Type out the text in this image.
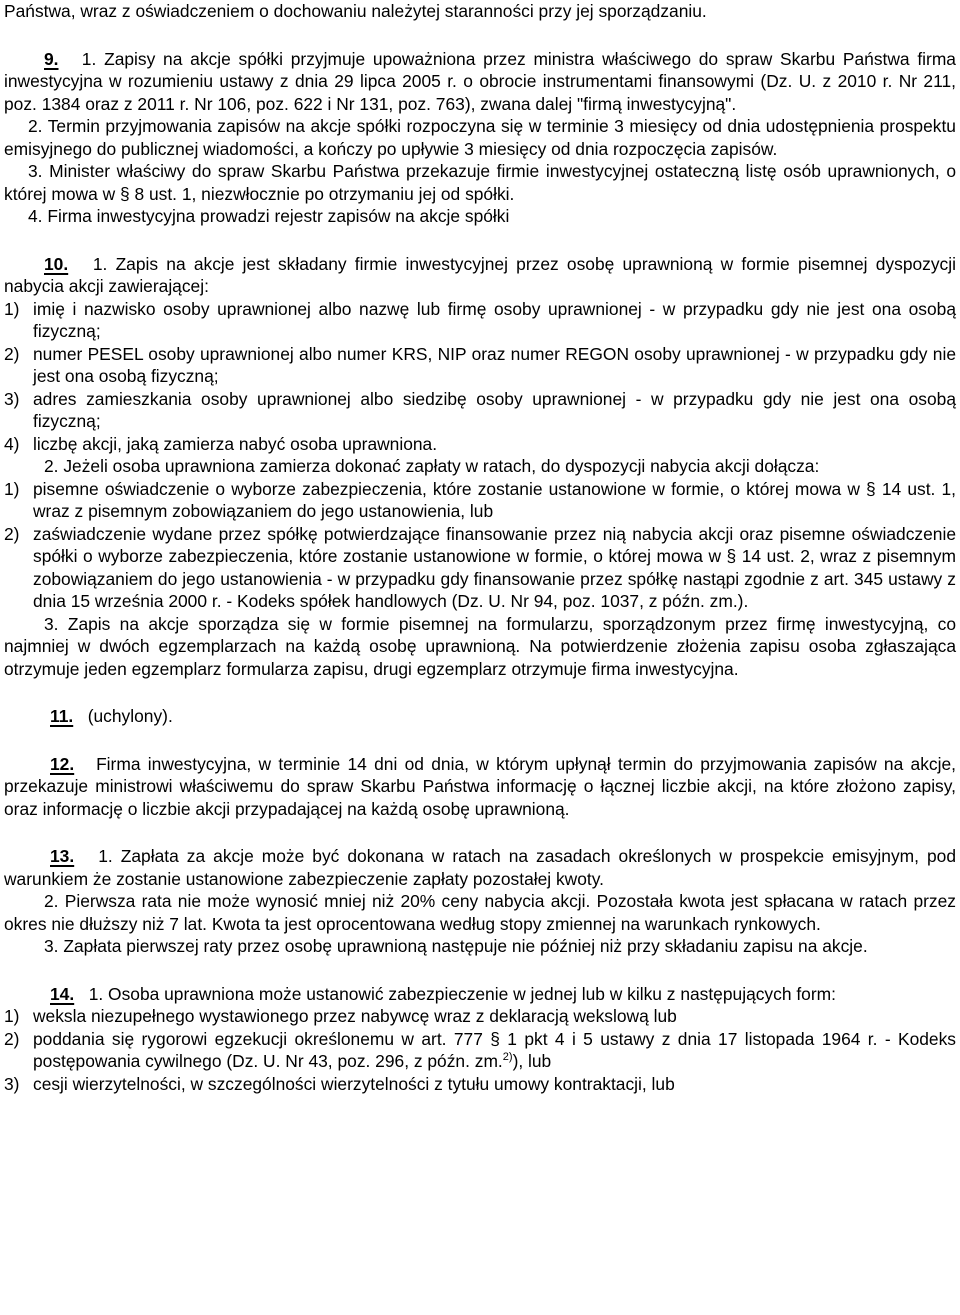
Państwa, wraz z oświadczeniem o dochowaniu należytej staranności przy jej sporządzaniu.

9. 1. Zapisy na akcje spółki przyjmuje upoważniona przez ministra właściwego do spraw Skarbu Państwa firma inwestycyjna w rozumieniu ustawy z dnia 29 lipca 2005 r. o obrocie instrumentami finansowymi (Dz. U. z 2010 r. Nr 211, poz. 1384 oraz z 2011 r. Nr 106, poz. 622 i Nr 131, poz. 763), zwana dalej "firmą inwestycyjną".

2. Termin przyjmowania zapisów na akcje spółki rozpoczyna się w terminie 3 miesięcy od dnia udostępnienia prospektu emisyjnego do publicznej wiadomości, a kończy po upływie 3 miesięcy od dnia rozpoczęcia zapisów.

3. Minister właściwy do spraw Skarbu Państwa przekazuje firmie inwestycyjnej ostateczną listę osób uprawnionych, o której mowa w § 8 ust. 1, niezwłocznie po otrzymaniu jej od spółki.

4. Firma inwestycyjna prowadzi rejestr zapisów na akcje spółki

10. 1. Zapis na akcje jest składany firmie inwestycyjnej przez osobę uprawnioną w formie pisemnej dyspozycji nabycia akcji zawierającej:

1) imię i nazwisko osoby uprawnionej albo nazwę lub firmę osoby uprawnionej - w przypadku gdy nie jest ona osobą fizyczną;
2) numer PESEL osoby uprawnionej albo numer KRS, NIP oraz numer REGON osoby uprawnionej - w przypadku gdy nie jest ona osobą fizyczną;
3) adres zamieszkania osoby uprawnionej albo siedzibę osoby uprawnionej - w przypadku gdy nie jest ona osobą fizyczną;
4) liczbę akcji, jaką zamierza nabyć osoba uprawniona.

2. Jeżeli osoba uprawniona zamierza dokonać zapłaty w ratach, do dyspozycji nabycia akcji dołącza:

1) pisemne oświadczenie o wyborze zabezpieczenia, które zostanie ustanowione w formie, o której mowa w § 14 ust. 1, wraz z pisemnym zobowiązaniem do jego ustanowienia, lub
2) zaświadczenie wydane przez spółkę potwierdzające finansowanie przez nią nabycia akcji oraz pisemne oświadczenie spółki o wyborze zabezpieczenia, które zostanie ustanowione w formie, o której mowa w § 14 ust. 2, wraz z pisemnym zobowiązaniem do jego ustanowienia - w przypadku gdy finansowanie przez spółkę nastąpi zgodnie z art. 345 ustawy z dnia 15 września 2000 r. - Kodeks spółek handlowych (Dz. U. Nr 94, poz. 1037, z późn. zm.).

3. Zapis na akcje sporządza się w formie pisemnej na formularzu, sporządzonym przez firmę inwestycyjną, co najmniej w dwóch egzemplarzach na każdą osobę uprawnioną. Na potwierdzenie złożenia zapisu osoba zgłaszająca otrzymuje jeden egzemplarz formularza zapisu, drugi egzemplarz otrzymuje firma inwestycyjna.

11. (uchylony).

12. Firma inwestycyjna, w terminie 14 dni od dnia, w którym upłynął termin do przyjmowania zapisów na akcje, przekazuje ministrowi właściwemu do spraw Skarbu Państwa informację o łącznej liczbie akcji, na które złożono zapisy, oraz informację o liczbie akcji przypadającej na każdą osobę uprawnioną.

13. 1. Zapłata za akcje może być dokonana w ratach na zasadach określonych w prospekcie emisyjnym, pod warunkiem że zostanie ustanowione zabezpieczenie zapłaty pozostałej kwoty.

2. Pierwsza rata nie może wynosić mniej niż 20% ceny nabycia akcji. Pozostała kwota jest spłacana w ratach przez okres nie dłuższy niż 7 lat. Kwota ta jest oprocentowana według stopy zmiennej na warunkach rynkowych.

3. Zapłata pierwszej raty przez osobę uprawnioną następuje nie później niż przy składaniu zapisu na akcje.

14. 1. Osoba uprawniona może ustanowić zabezpieczenie w jednej lub w kilku z następujących form:

1) weksla niezupełnego wystawionego przez nabywcę wraz z deklaracją wekslową lub
2) poddania się rygorowi egzekucji określonemu w art. 777 § 1 pkt 4 i 5 ustawy z dnia 17 listopada 1964 r. - Kodeks postępowania cywilnego (Dz. U. Nr 43, poz. 296, z późn. zm.$^{2)}$), lub
3) cesji wierzytelności, w szczególności wierzytelności z tytułu umowy kontraktacji, lub
